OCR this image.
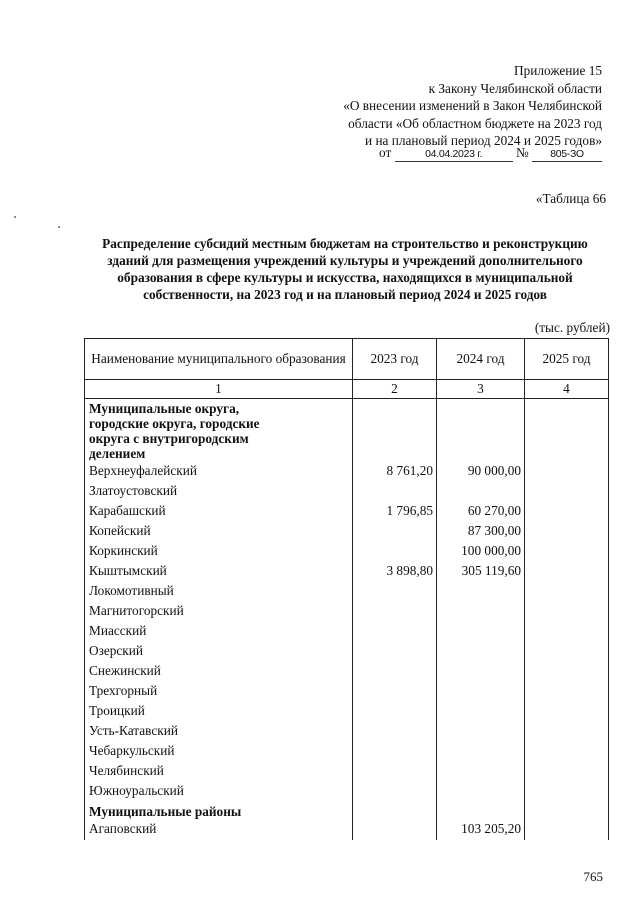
Приложение 15
к Закону Челябинской области
«О внесении изменений в Закон Челябинской
области «Об областном бюджете на 2023 год
и на плановый период 2024 и 2025 годов»
от	04.04.2023 г.	№ 805-ЗО
«Таблица 66
Распределение субсидий местным бюджетам на строительство и реконструкцию
зданий для размещения учреждений культуры и учреждений дополнительного
образования в сфере культуры и искусства, находящихся в муниципальной
собственности, на 2023 год и на плановый период 2024 и 2025 годов
(тыс. рублей)
Наименование муниципального образования	2023 год	2024 год	2025 год
1	2	3	4
Муниципальные округа, городские округа, городские округа с внутригородским делением			
Верхнеуфалейский	8 761,20	90 000,00	
Златоустовский			
Карабашский	1 796,85	60 270,00	
Копейский		87 300,00	
Коркинский		100 000,00	
Кыштымский	3 898,80	305 119,60	
Локомотивный			
Магнитогорский			
Миасский			
Озерский			
Снежинский			
Трехгорный			
Троицкий			
Усть-Катавский			
Чебаркульский			
Челябинский			
Южноуральский			
Муниципальные районы			
Агаповский		103 205,20	
765
